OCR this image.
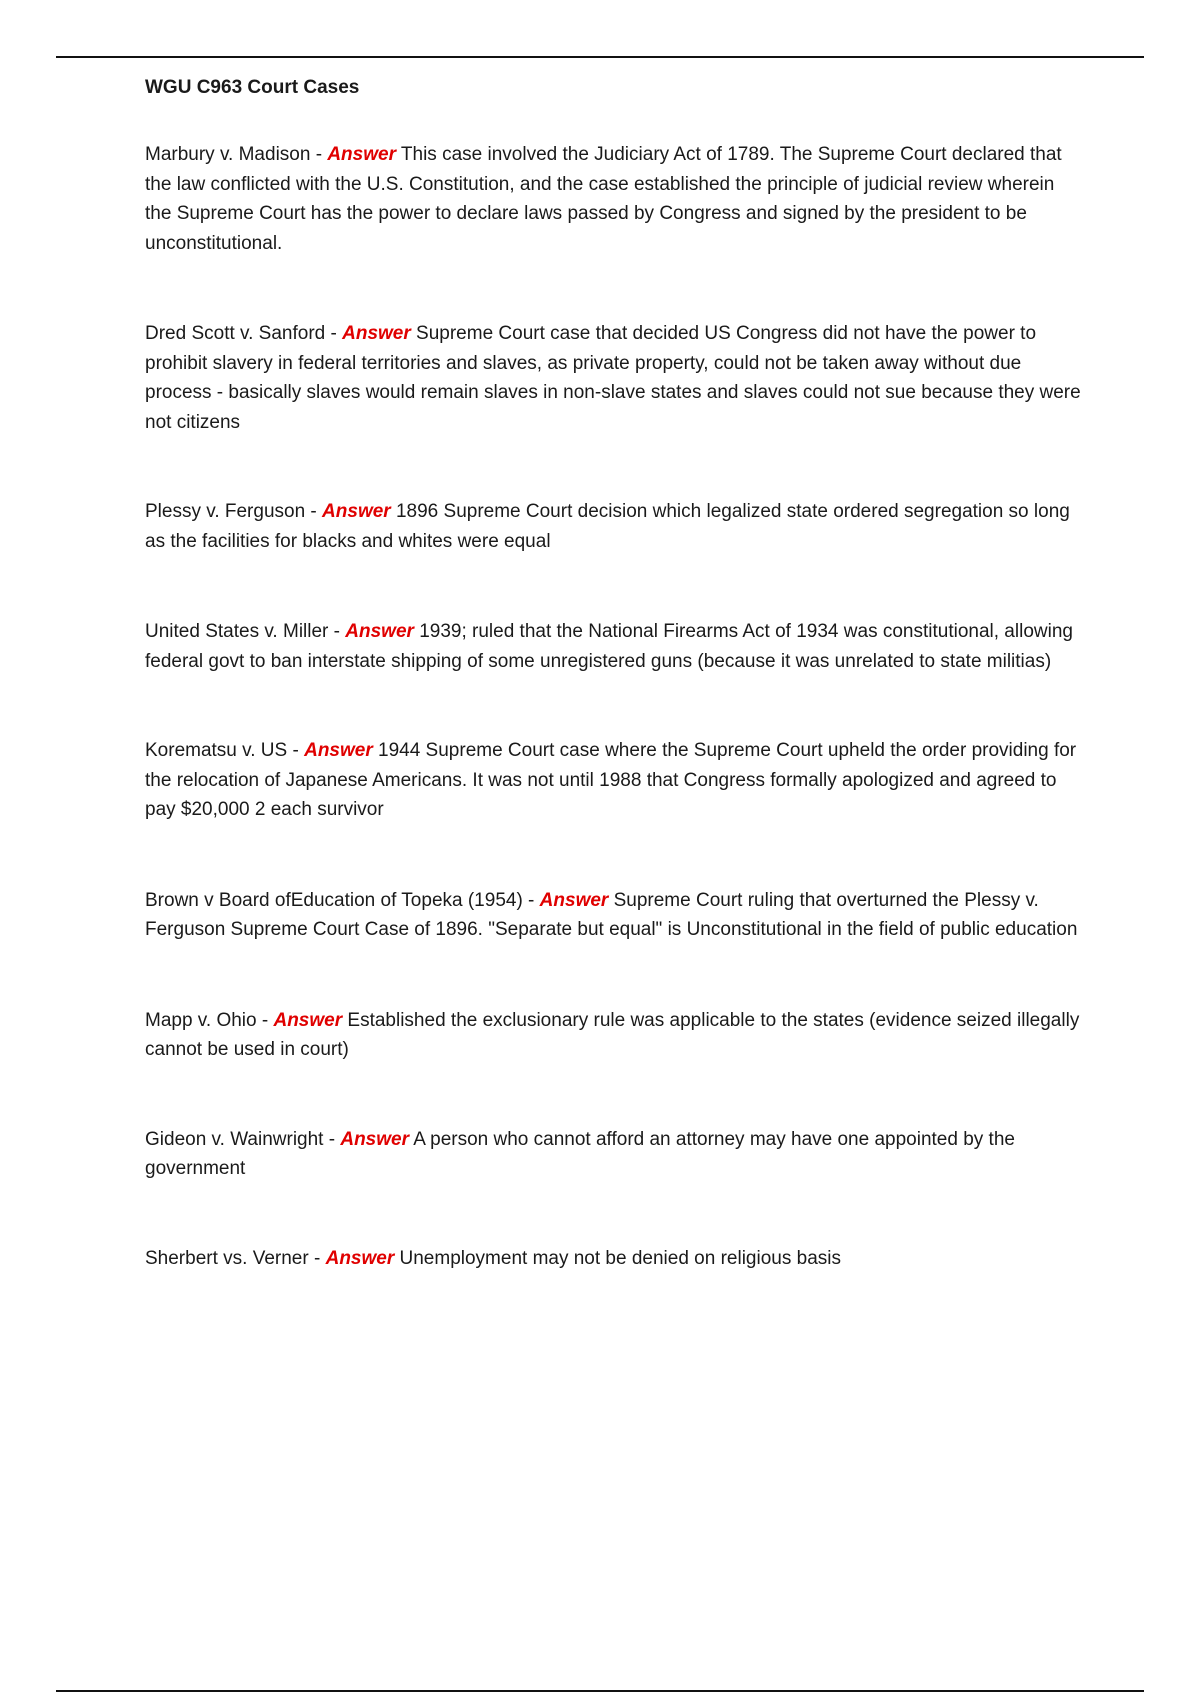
WGU C963 Court Cases

Marbury v. Madison - Answer This case involved the Judiciary Act of 1789. The Supreme Court declared that the law conflicted with the U.S. Constitution, and the case established the principle of judicial review wherein the Supreme Court has the power to declare laws passed by Congress and signed by the president to be unconstitutional.

Dred Scott v. Sanford - Answer Supreme Court case that decided US Congress did not have the power to prohibit slavery in federal territories and slaves, as private property, could not be taken away without due process - basically slaves would remain slaves in non-slave states and slaves could not sue because they were not citizens

Plessy v. Ferguson - Answer 1896 Supreme Court decision which legalized state ordered segregation so long as the facilities for blacks and whites were equal

United States v. Miller - Answer 1939; ruled that the National Firearms Act of 1934 was constitutional, allowing federal govt to ban interstate shipping of some unregistered guns (because it was unrelated to state militias)

Korematsu v. US - Answer 1944 Supreme Court case where the Supreme Court upheld the order providing for the relocation of Japanese Americans. It was not until 1988 that Congress formally apologized and agreed to pay $20,000 2 each survivor

Brown v Board ofEducation of Topeka (1954) - Answer Supreme Court ruling that overturned the Plessy v. Ferguson Supreme Court Case of 1896. "Separate but equal" is Unconstitutional in the field of public education

Mapp v. Ohio - Answer Established the exclusionary rule was applicable to the states (evidence seized illegally cannot be used in court)

Gideon v. Wainwright - Answer A person who cannot afford an attorney may have one appointed by the government

Sherbert vs. Verner - Answer Unemployment may not be denied on religious basis
